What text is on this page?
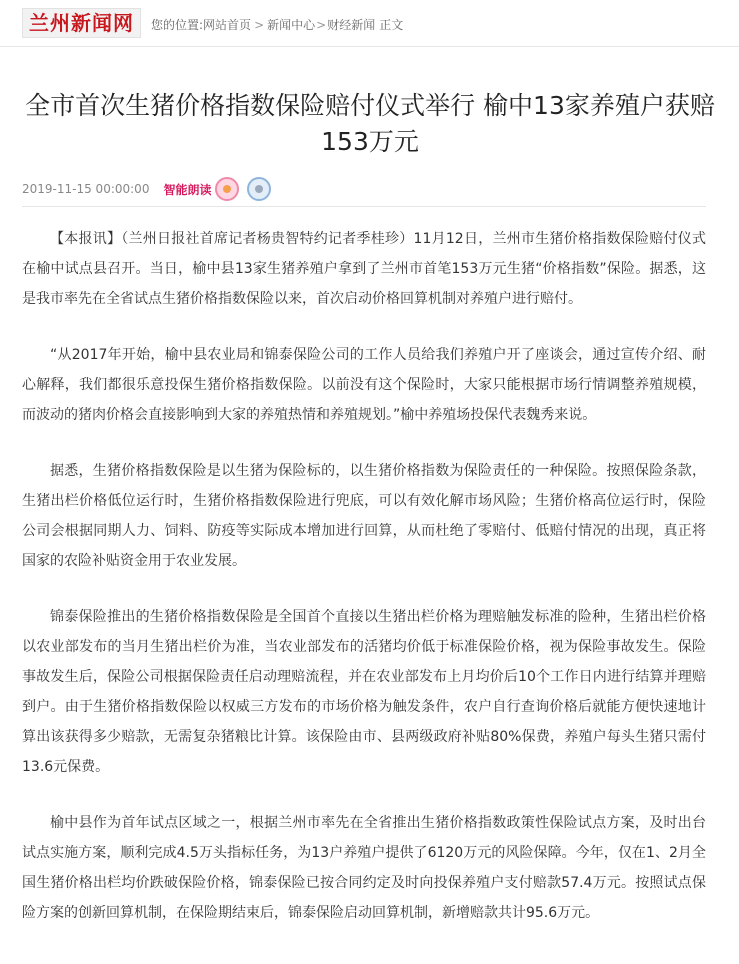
兰州新闻网	您的位置:网站首页 > 新闻中心>财经新闻 正文
全市首次生猪价格指数保险赔付仪式举行 榆中13家养殖户获赔153万元
2019-11-15 00:00:00 智能朗读

【本报讯】（兰州日报社首席记者杨贵智特约记者季桂珍）11月12日，兰州市生猪价格指数保险赔付仪式在榆中试点县召开。当日，榆中县13家生猪养殖户拿到了兰州市首笔153万元生猪“价格指数”保险。据悉，这是我市率先在全省试点生猪价格指数保险以来，首次启动价格回算机制对养殖户进行赔付。

“从2017年开始，榆中县农业局和锦泰保险公司的工作人员给我们养殖户开了座谈会，通过宣传介绍、耐心解释，我们都很乐意投保生猪价格指数保险。以前没有这个保险时，大家只能根据市场行情调整养殖规模，而波动的猪肉价格会直接影响到大家的养殖热情和养殖规划。”榆中养殖场投保代表魏秀来说。

据悉，生猪价格指数保险是以生猪为保险标的，以生猪价格指数为保险责任的一种保险。按照保险条款，生猪出栏价格低位运行时，生猪价格指数保险进行兜底，可以有效化解市场风险；生猪价格高位运行时，保险公司会根据同期人力、饲料、防疫等实际成本增加进行回算，从而杜绝了零赔付、低赔付情况的出现，真正将国家的农险补贴资金用于农业发展。

锦泰保险推出的生猪价格指数保险是全国首个直接以生猪出栏价格为理赔触发标准的险种，生猪出栏价格以农业部发布的当月生猪出栏价为准，当农业部发布的活猪均价低于标准保险价格，视为保险事故发生。保险事故发生后，保险公司根据保险责任启动理赔流程，并在农业部发布上月均价后10个工作日内进行结算并理赔到户。由于生猪价格指数保险以权威三方发布的市场价格为触发条件，农户自行查询价格后就能方便快速地计算出该获得多少赔款，无需复杂猪粮比计算。该保险由市、县两级政府补贴80%保费，养殖户每头生猪只需付13.6元保费。

榆中县作为首年试点区域之一，根据兰州市率先在全省推出生猪价格指数政策性保险试点方案，及时出台试点实施方案，顺利完成4.5万头指标任务，为13户养殖户提供了6120万元的风险保障。今年，仅在1、2月全国生猪价格出栏均价跌破保险价格，锦泰保险已按合同约定及时向投保养殖户支付赔款57.4万元。按照试点保险方案的创新回算机制，在保险期结束后，锦泰保险启动回算机制，新增赔款共计95.6万元。
